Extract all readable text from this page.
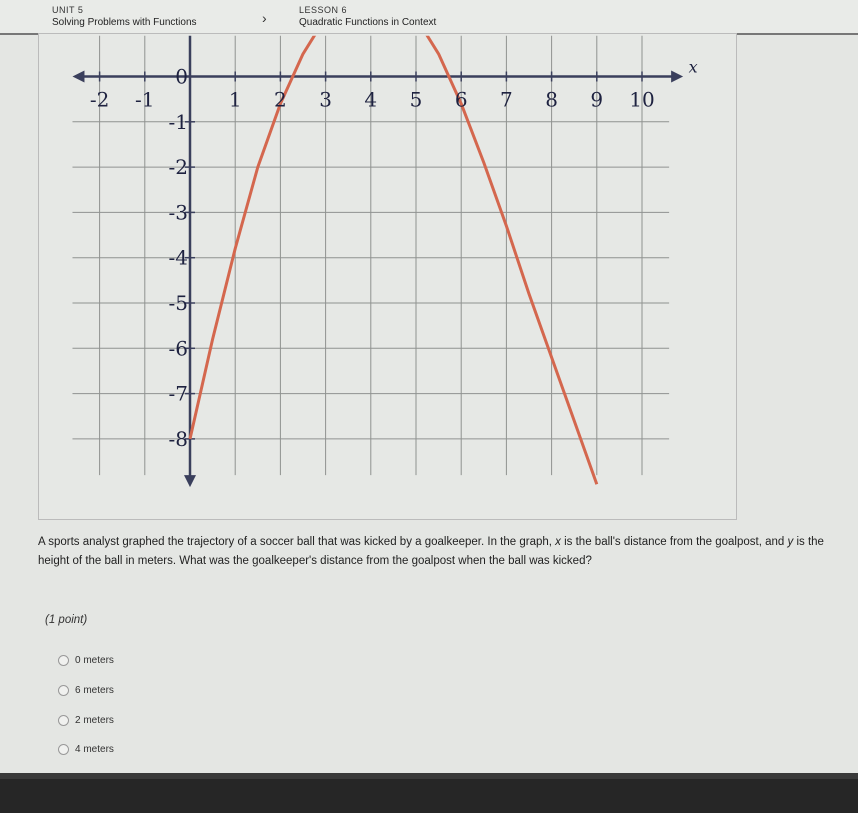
UNIT 5
Solving Problems with Functions	›	LESSON 6
Quadratic Functions in Context
-2 -1	1 2 3 4 5 6 7 8 9 10
0
-1
-2
-3
-4
-5
-6
-7
-8
x
A sports analyst graphed the trajectory of a soccer ball that was kicked by a goalkeeper. In the graph, x is the ball's distance from the goalpost, and y is the height of the ball in meters. What was the goalkeeper's distance from the goalpost when the ball was kicked?
(1 point)
0 meters
6 meters
2 meters
4 meters
